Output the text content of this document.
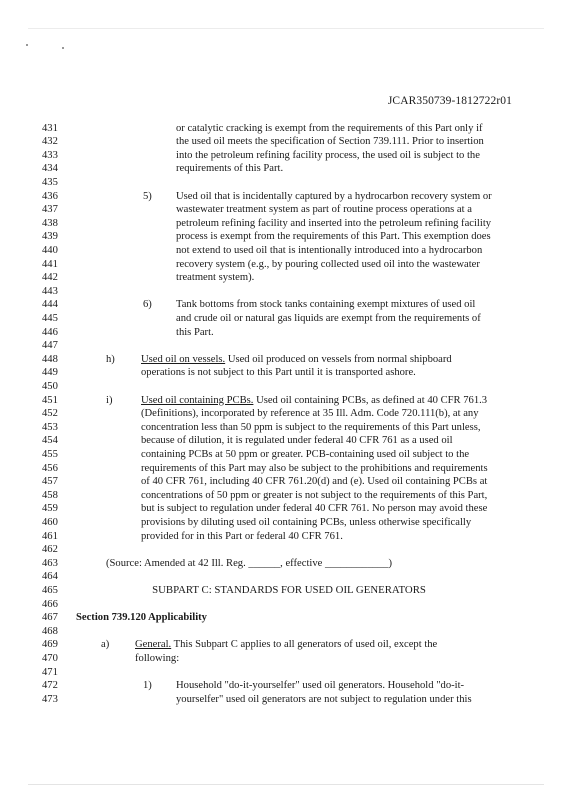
JCAR350739-1812722r01
431	or catalytic cracking is exempt from the requirements of this Part only if
432	the used oil meets the specification of Section 739.111. Prior to insertion
433	into the petroleum refining facility process, the used oil is subject to the
434	requirements of this Part.
435
436	5) Used oil that is incidentally captured by a hydrocarbon recovery system or
437	wastewater treatment system as part of routine process operations at a
438	petroleum refining facility and inserted into the petroleum refining facility
439	process is exempt from the requirements of this Part. This exemption does
440	not extend to used oil that is intentionally introduced into a hydrocarbon
441	recovery system (e.g., by pouring collected used oil into the wastewater
442	treatment system).
443
444	6) Tank bottoms from stock tanks containing exempt mixtures of used oil
445	and crude oil or natural gas liquids are exempt from the requirements of
446	this Part.
447
448	h) Used oil on vessels. Used oil produced on vessels from normal shipboard
449	operations is not subject to this Part until it is transported ashore.
450
451	i)	Used oil containing PCBs. Used oil containing PCBs, as defined at 40 CFR 761.3
452	(Definitions), incorporated by reference at 35 Ill. Adm. Code 720.111(b), at any
453	concentration less than 50 ppm is subject to the requirements of this Part unless,
454	because of dilution, it is regulated under federal 40 CFR 761 as a used oil
455	containing PCBs at 50 ppm or greater. PCB-containing used oil subject to the
456	requirements of this Part may also be subject to the prohibitions and requirements
457	of 40 CFR 761, including 40 CFR 761.20(d) and (e). Used oil containing PCBs at
458	concentrations of 50 ppm or greater is not subject to the requirements of this Part,
459	but is subject to regulation under federal 40 CFR 761. No person may avoid these
460	provisions by diluting used oil containing PCBs, unless otherwise specifically
461	provided for in this Part or federal 40 CFR 761.
462
463	(Source: Amended at 42 Ill. Reg. ______, effective ____________)
464
465	SUBPART C: STANDARDS FOR USED OIL GENERATORS
466
467	Section 739.120 Applicability
468
469	a) General. This Subpart C applies to all generators of used oil, except the
470	following:
471
472	1) Household "do-it-yourselfer" used oil generators. Household "do-it-
473	yourselfer" used oil generators are not subject to regulation under this
